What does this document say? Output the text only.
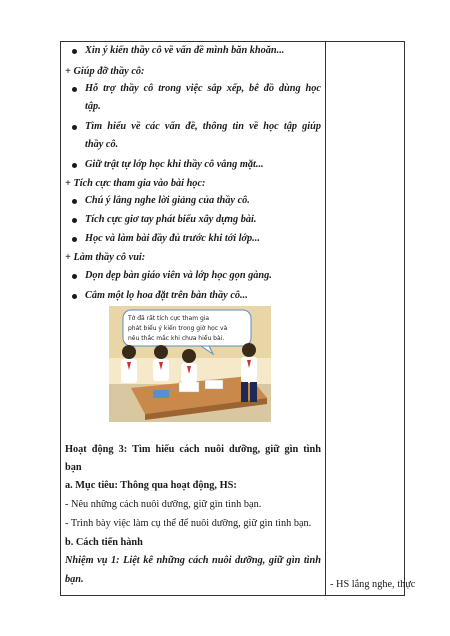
Xin ý kiến thầy cô về vấn đề mình băn khoăn...
+ Giúp đỡ thầy cô:
Hỗ trợ thầy cô trong việc sắp xếp, bê đồ dùng học
tập.
Tìm hiểu về các vấn đề, thông tin về học tập giúp
thầy cô.
Giữ trật tự lớp học khi thầy cô vắng mặt...
+ Tích cực tham gia vào bài học:
Chú ý lắng nghe lời giảng của thầy cô.
Tích cực giơ tay phát biểu xây dựng bài.
Học và làm bài đầy đủ trước khi tới lớp...
+ Làm thầy cô vui:
Dọn dẹp bàn giáo viên và lớp học gọn gàng.
Cắm một lọ hoa đặt trên bàn thầy cô...
Tớ đã rất tích cực tham gia
phát biểu ý kiến trong giờ học và
nêu thắc mắc khi chưa hiểu bài.
Hoạt động 3: Tìm hiểu cách nuôi dưỡng, giữ gìn tình
bạn
a. Mục tiêu: Thông qua hoạt động, HS:
- Nêu những cách nuôi dưỡng, giữ gìn tình bạn.
- Trình bày việc làm cụ thể để nuôi dưỡng, giữ gìn tình bạn.
b. Cách tiến hành
Nhiệm vụ 1: Liệt kê những cách nuôi dưỡng, giữ gìn tình
bạn.	- HS lắng nghe, thực
